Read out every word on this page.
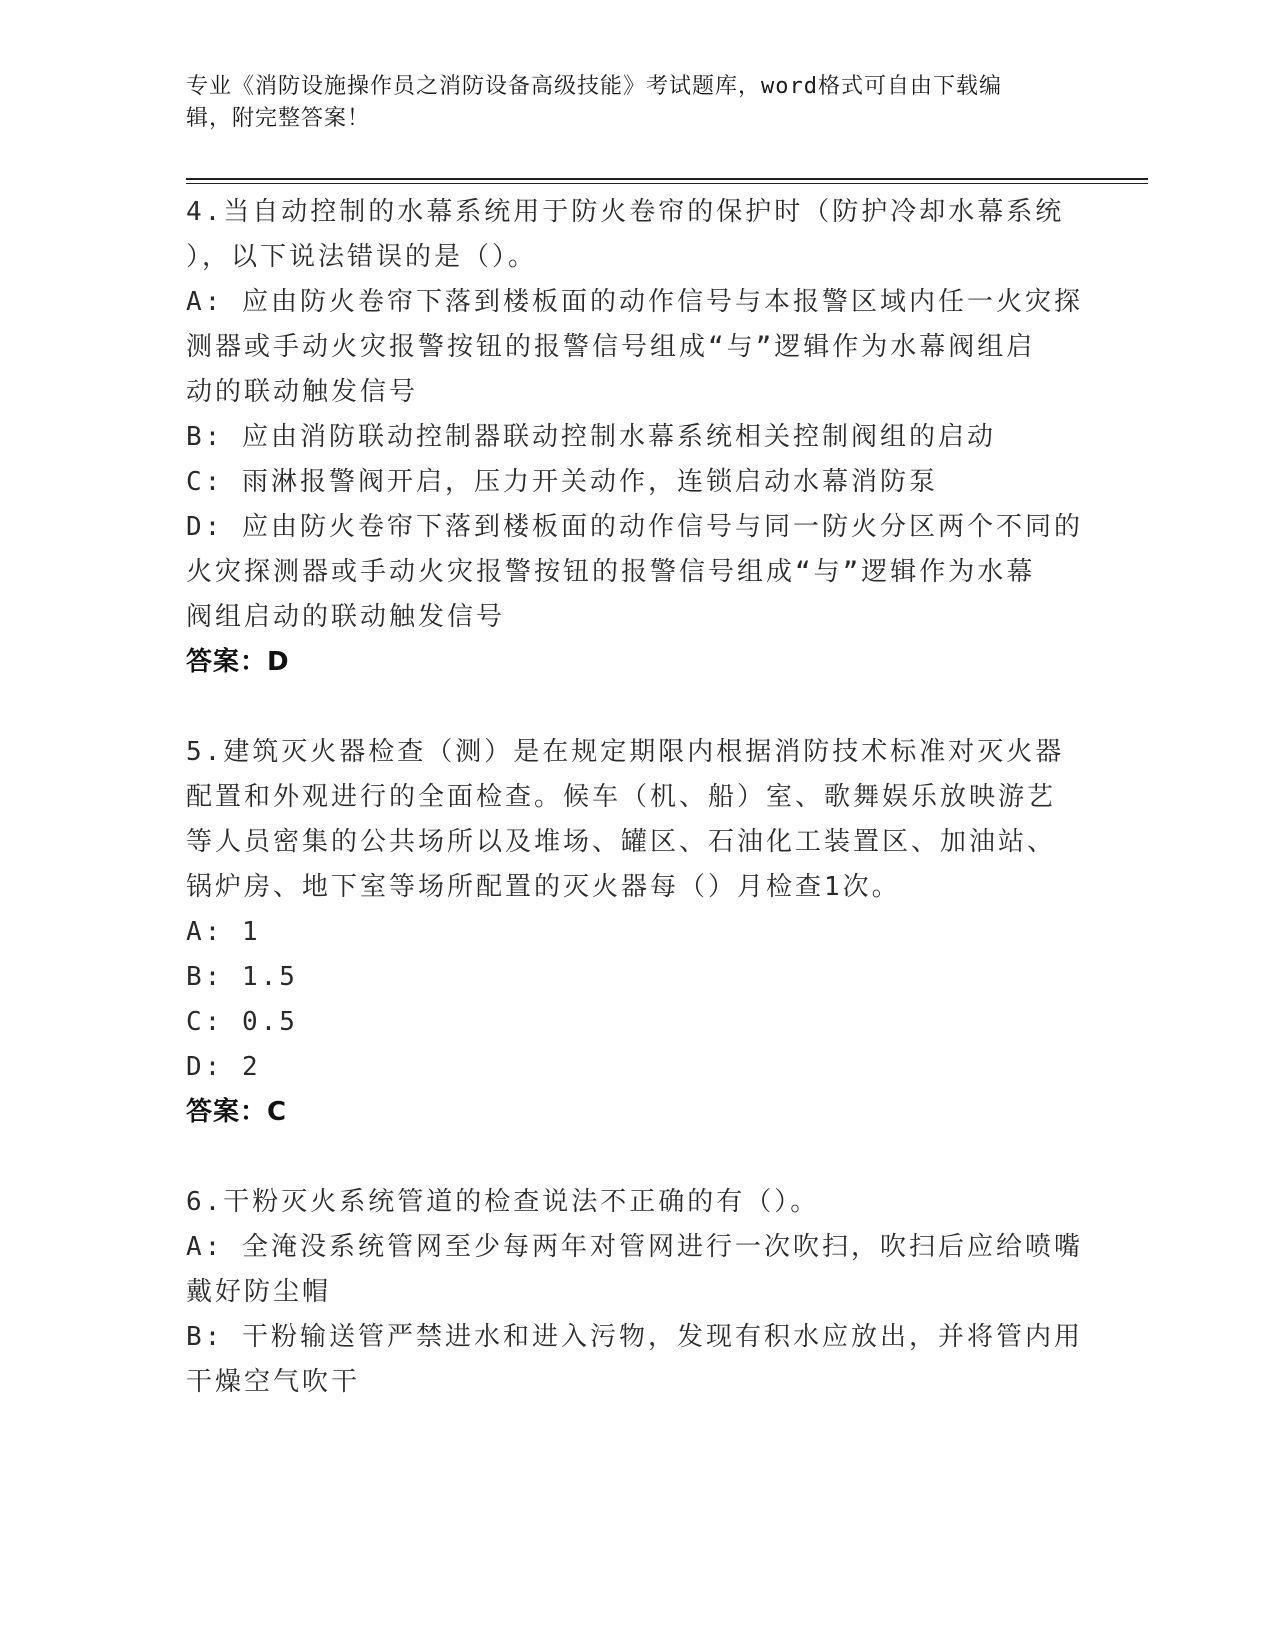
专业《消防设施操作员之消防设备高级技能》考试题库，word格式可自由下载编
辑，附完整答案！
4.当自动控制的水幕系统用于防火卷帘的保护时（防护冷却水幕系统
），以下说法错误的是（）。
A: 应由防火卷帘下落到楼板面的动作信号与本报警区域内任一火灾探
测器或手动火灾报警按钮的报警信号组成“与”逻辑作为水幕阀组启
动的联动触发信号
B: 应由消防联动控制器联动控制水幕系统相关控制阀组的启动
C: 雨淋报警阀开启，压力开关动作，连锁启动水幕消防泵
D: 应由防火卷帘下落到楼板面的动作信号与同一防火分区两个不同的
火灾探测器或手动火灾报警按钮的报警信号组成“与”逻辑作为水幕
阀组启动的联动触发信号
答案：D
5.建筑灭火器检查（测）是在规定期限内根据消防技术标准对灭火器
配置和外观进行的全面检查。候车（机、船）室、歌舞娱乐放映游艺
等人员密集的公共场所以及堆场、罐区、石油化工装置区、加油站、
锅炉房、地下室等场所配置的灭火器每（）月检查1次。
A: 1
B: 1.5
C: 0.5
D: 2
答案：C
6.干粉灭火系统管道的检查说法不正确的有（）。
A: 全淹没系统管网至少每两年对管网进行一次吹扫，吹扫后应给喷嘴
戴好防尘帽
B: 干粉输送管严禁进水和进入污物，发现有积水应放出，并将管内用
干燥空气吹干
